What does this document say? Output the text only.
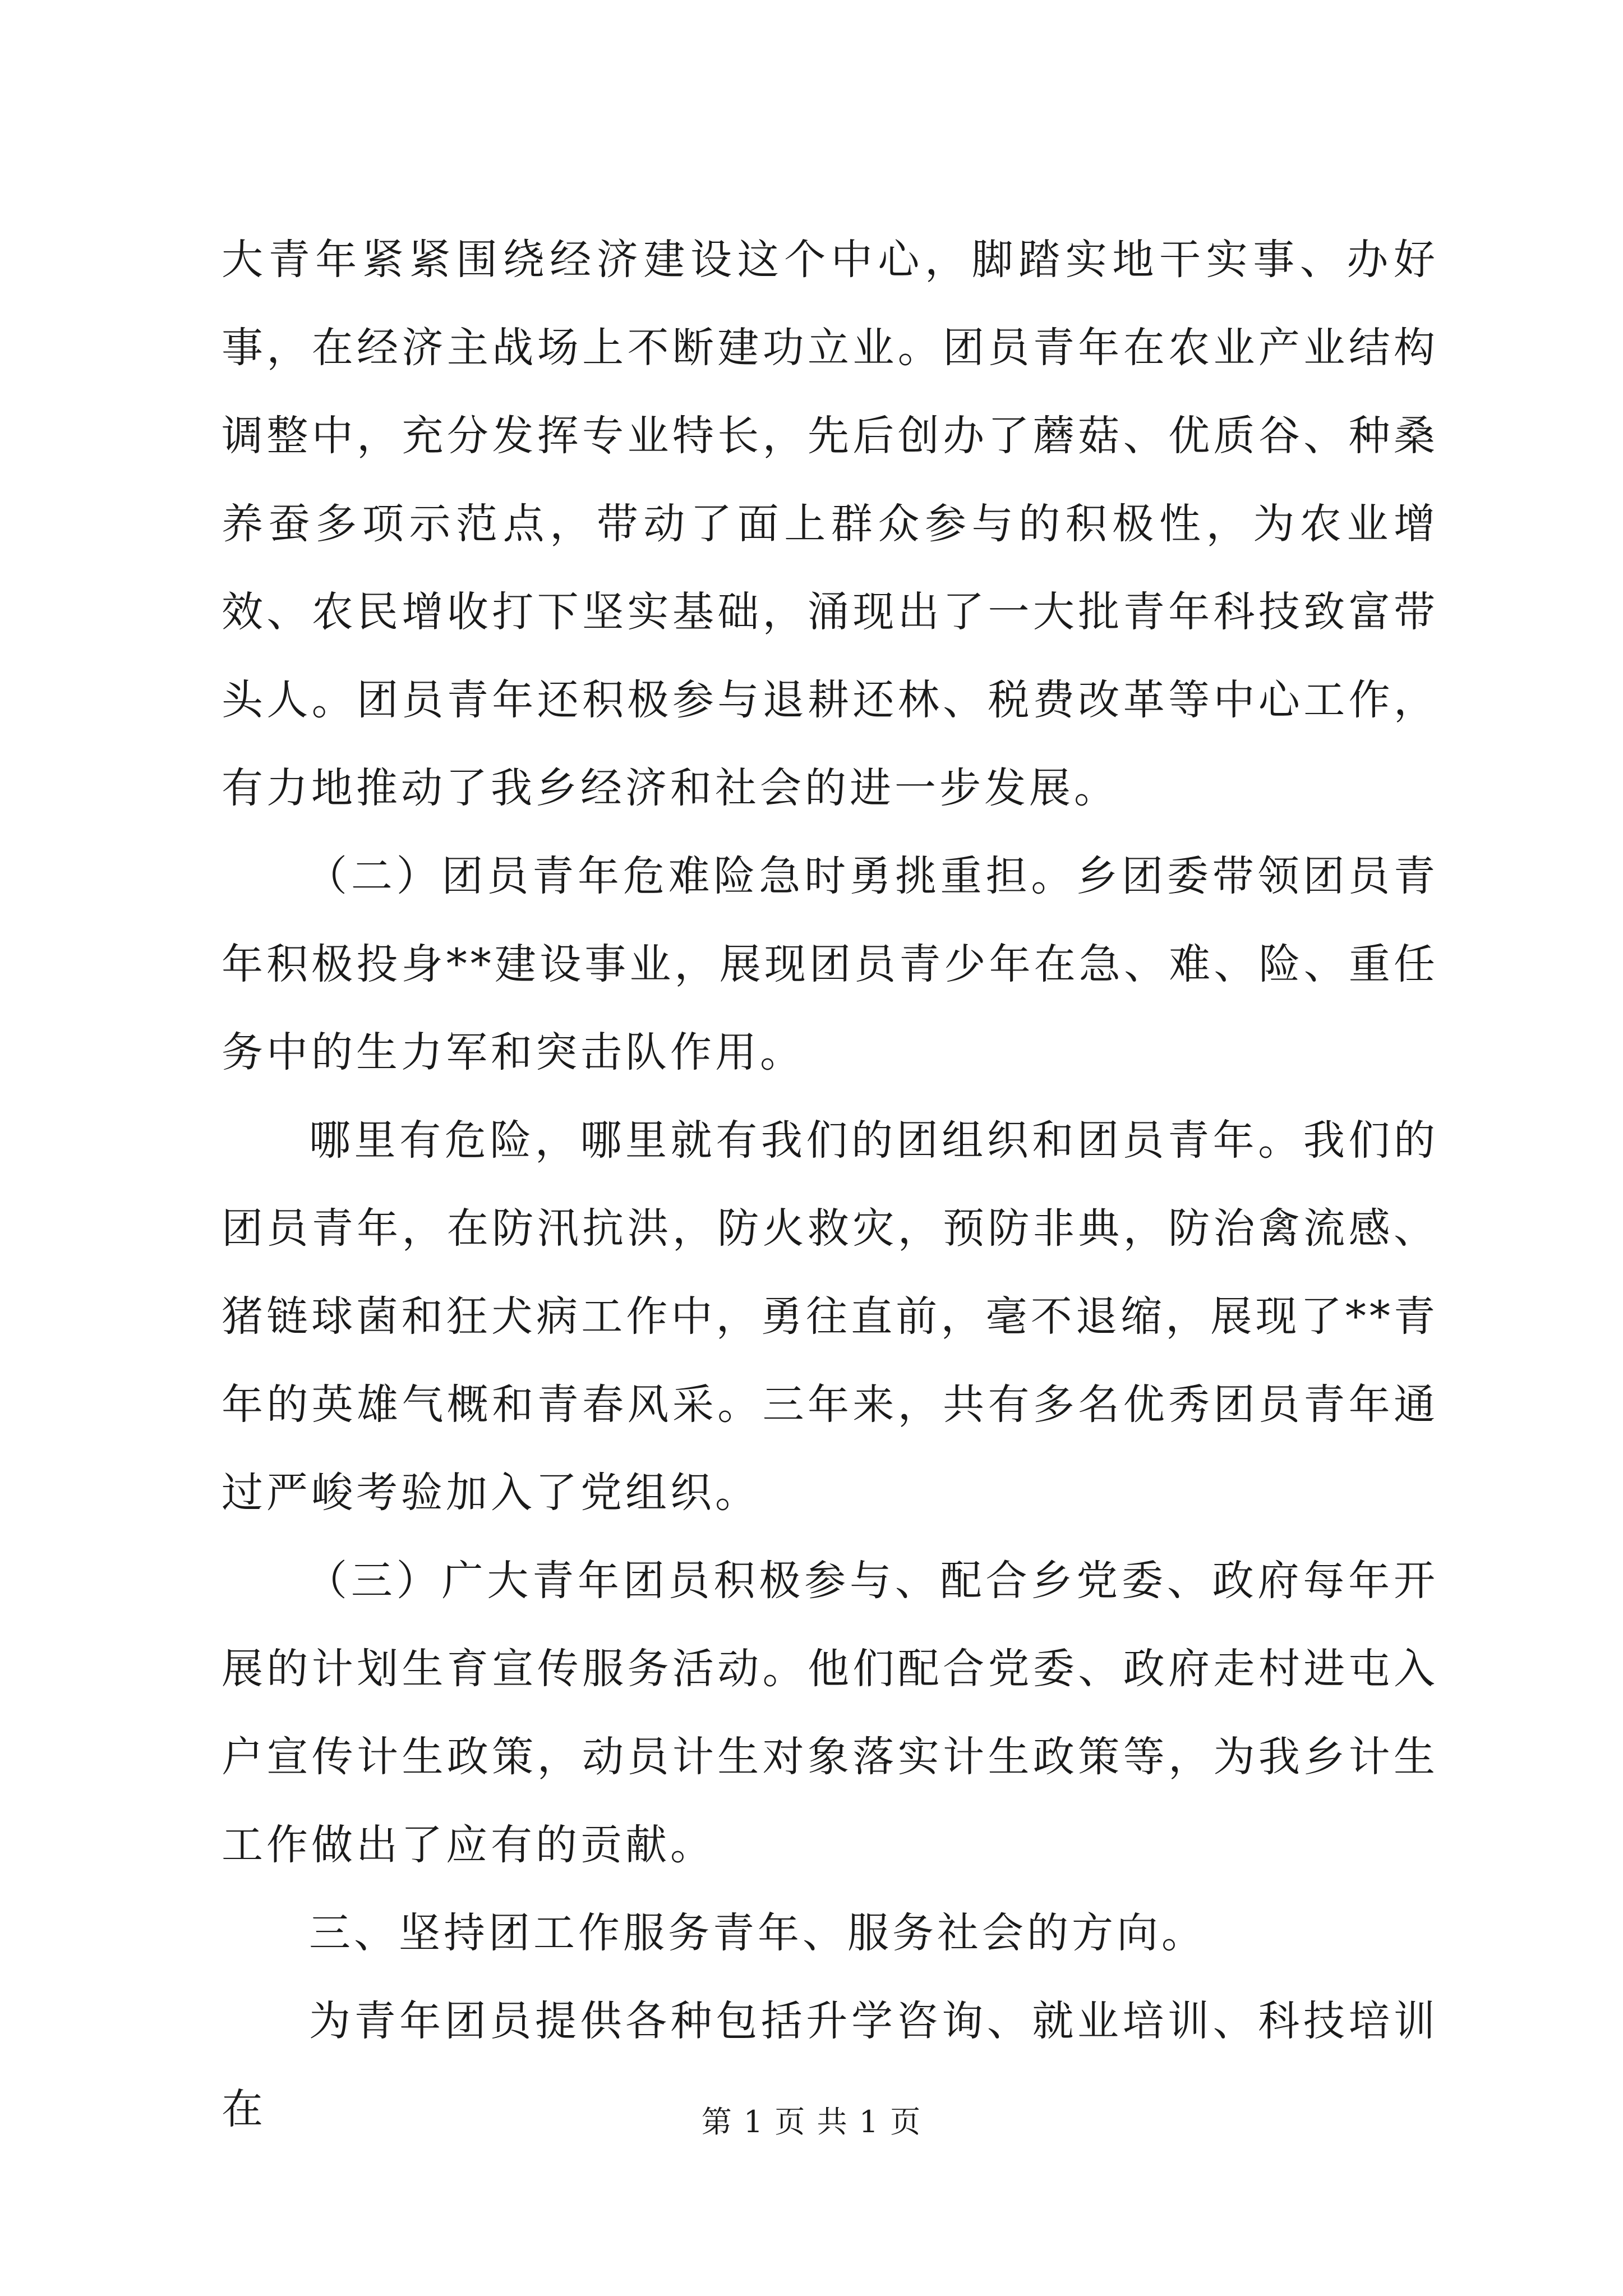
大青年紧紧围绕经济建设这个中心，脚踏实地干实事、办好事，在经济主战场上不断建功立业。团员青年在农业产业结构调整中，充分发挥专业特长，先后创办了蘑菇、优质谷、种桑养蚕多项示范点，带动了面上群众参与的积极性，为农业增效、农民增收打下坚实基础，涌现出了一大批青年科技致富带头人。团员青年还积极参与退耕还林、税费改革等中心工作，有力地推动了我乡经济和社会的进一步发展。

（二）团员青年危难险急时勇挑重担。乡团委带领团员青年积极投身**建设事业，展现团员青少年在急、难、险、重任务中的生力军和突击队作用。

哪里有危险，哪里就有我们的团组织和团员青年。我们的团员青年，在防汛抗洪，防火救灾，预防非典，防治禽流感、猪链球菌和狂犬病工作中，勇往直前，毫不退缩，展现了**青年的英雄气概和青春风采。三年来，共有多名优秀团员青年通过严峻考验加入了党组织。

（三）广大青年团员积极参与、配合乡党委、政府每年开展的计划生育宣传服务活动。他们配合党委、政府走村进屯入户宣传计生政策，动员计生对象落实计生政策等，为我乡计生工作做出了应有的贡献。

三、坚持团工作服务青年、服务社会的方向。

为青年团员提供各种包括升学咨询、就业培训、科技培训在	第 1 页 共 1 页
